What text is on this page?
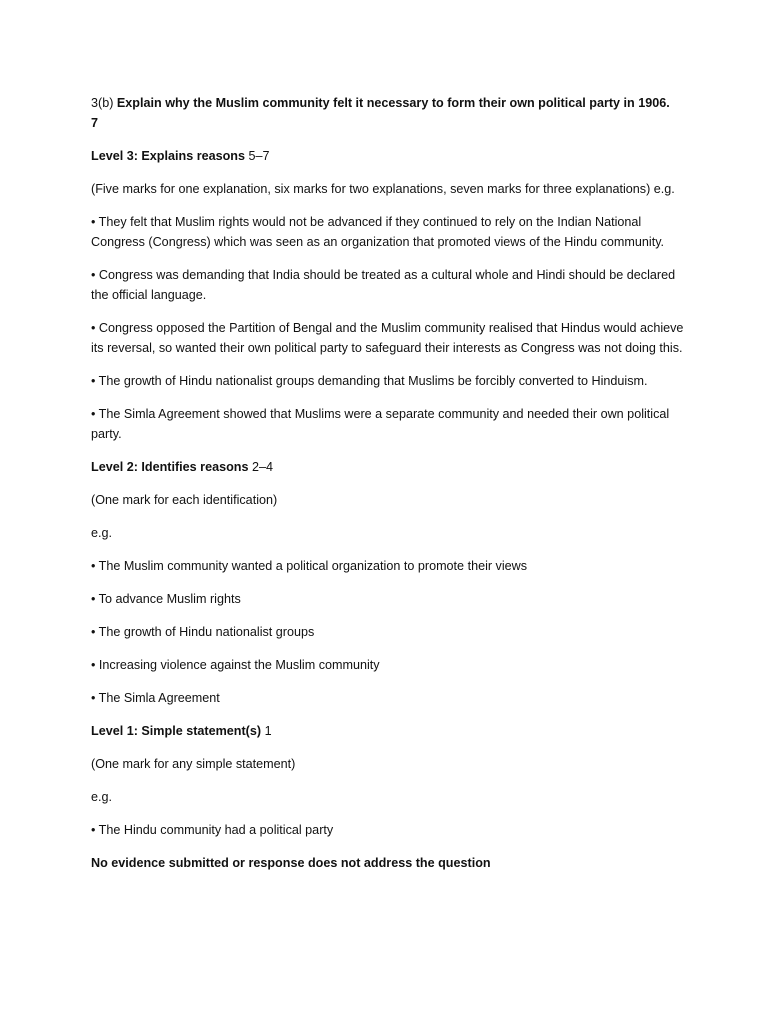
3(b) Explain why the Muslim community felt it necessary to form their own political party in 1906.
7

Level 3: Explains reasons 5–7

(Five marks for one explanation, six marks for two explanations, seven marks for three explanations) e.g.

• They felt that Muslim rights would not be advanced if they continued to rely on the Indian National Congress (Congress) which was seen as an organization that promoted views of the Hindu community.

• Congress was demanding that India should be treated as a cultural whole and Hindi should be declared the official language.

• Congress opposed the Partition of Bengal and the Muslim community realised that Hindus would achieve its reversal, so wanted their own political party to safeguard their interests as Congress was not doing this.

• The growth of Hindu nationalist groups demanding that Muslims be forcibly converted to Hinduism.

• The Simla Agreement showed that Muslims were a separate community and needed their own political party.

Level 2: Identifies reasons 2–4

(One mark for each identification)

e.g.

• The Muslim community wanted a political organization to promote their views

• To advance Muslim rights

• The growth of Hindu nationalist groups

• Increasing violence against the Muslim community

• The Simla Agreement

Level 1: Simple statement(s) 1

(One mark for any simple statement)

e.g.

• The Hindu community had a political party

No evidence submitted or response does not address the question
